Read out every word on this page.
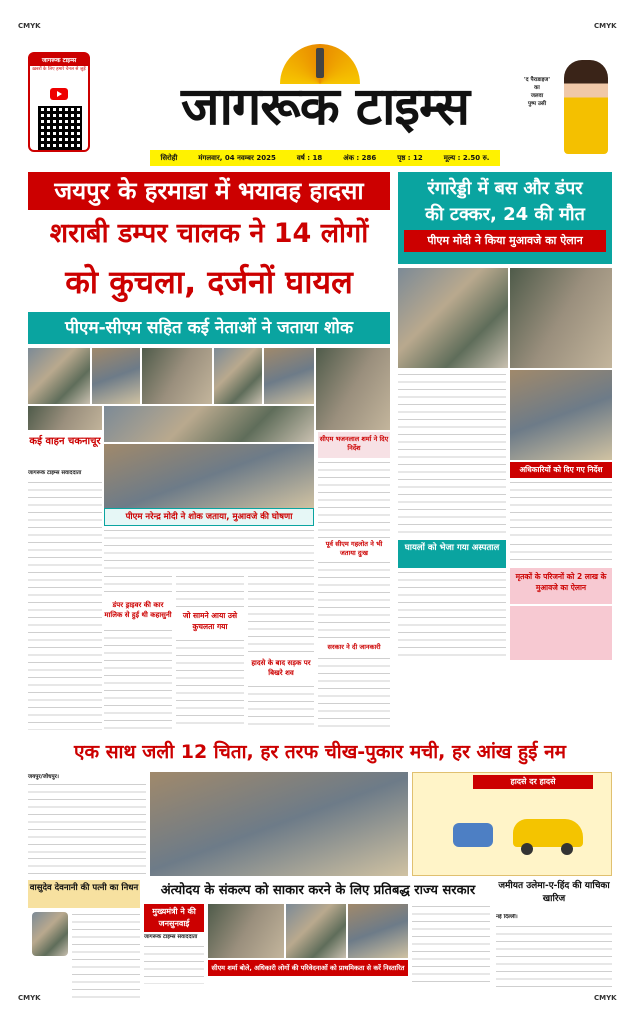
CMYK	CMYK
CMYK	CMYK
जागरूक टाइम्स
ख़बरों के लिए हमारे चैनल से जुड़ें
जागरूक टाइम्स
सिरोही	मंगलवार, 04 नवम्बर 2025	वर्ष : 18	अंक : 286	पृष्ठ : 12	मूल्य : 2.50 रु.
'द पैराडाइज'
का
जलवा
पुष्प उसी
जयपुर के हरमाडा में भयावह हादसा
शराबी डम्पर चालक ने 14 लोगों
को कुचला, दर्जनों घायल
पीएम-सीएम सहित कई नेताओं ने जताया शोक
कई वाहन चकनाचूर
जागरूक टाइम्स संवाददाता
पीएम नरेन्द्र मोदी ने शोक जताया, मुआवजे की घोषणा
डंपर ड्राइवर की कार मालिक से हुई थी कहासुनी	जो सामने आया उसे कुचलता गया
हादसे के बाद सड़क पर बिखरे शव
सीएम भजनलाल शर्मा ने दिए निर्देश
पूर्व सीएम गहलोत ने भी जताया दुःख
सरकार ने दी जानकारी
रंगारेड्डी में बस और डंपर
की टक्कर, 24 की मौत
पीएम मोदी ने किया मुआवजे का ऐलान
अधिकारियों को दिए गए निर्देश
घायलों को भेजा गया अस्पताल
मृतकों के परिजनों को 2 लाख के मुआवजे का ऐलान
एक साथ जली 12 चिता, हर तरफ चीख-पुकार मची, हर आंख हुई नम
जयपुर/जोधपुर।	हादसे दर हादसे
वासुदेव देवनानी की पत्नी का निधन	अंत्योदय के संकल्प को साकार करने के लिए प्रतिबद्ध राज्य सरकार
मुख्यमंत्री ने की जनसुनवाई
जागरूक टाइम्स संवाददाता
सीएम शर्मा बोले, अधिकारी लोगों की परिवेदनाओं को प्राथमिकता से करें निस्तारित
जमीयत उलेमा-ए-हिंद की याचिका खारिज
नई दिल्ली।
